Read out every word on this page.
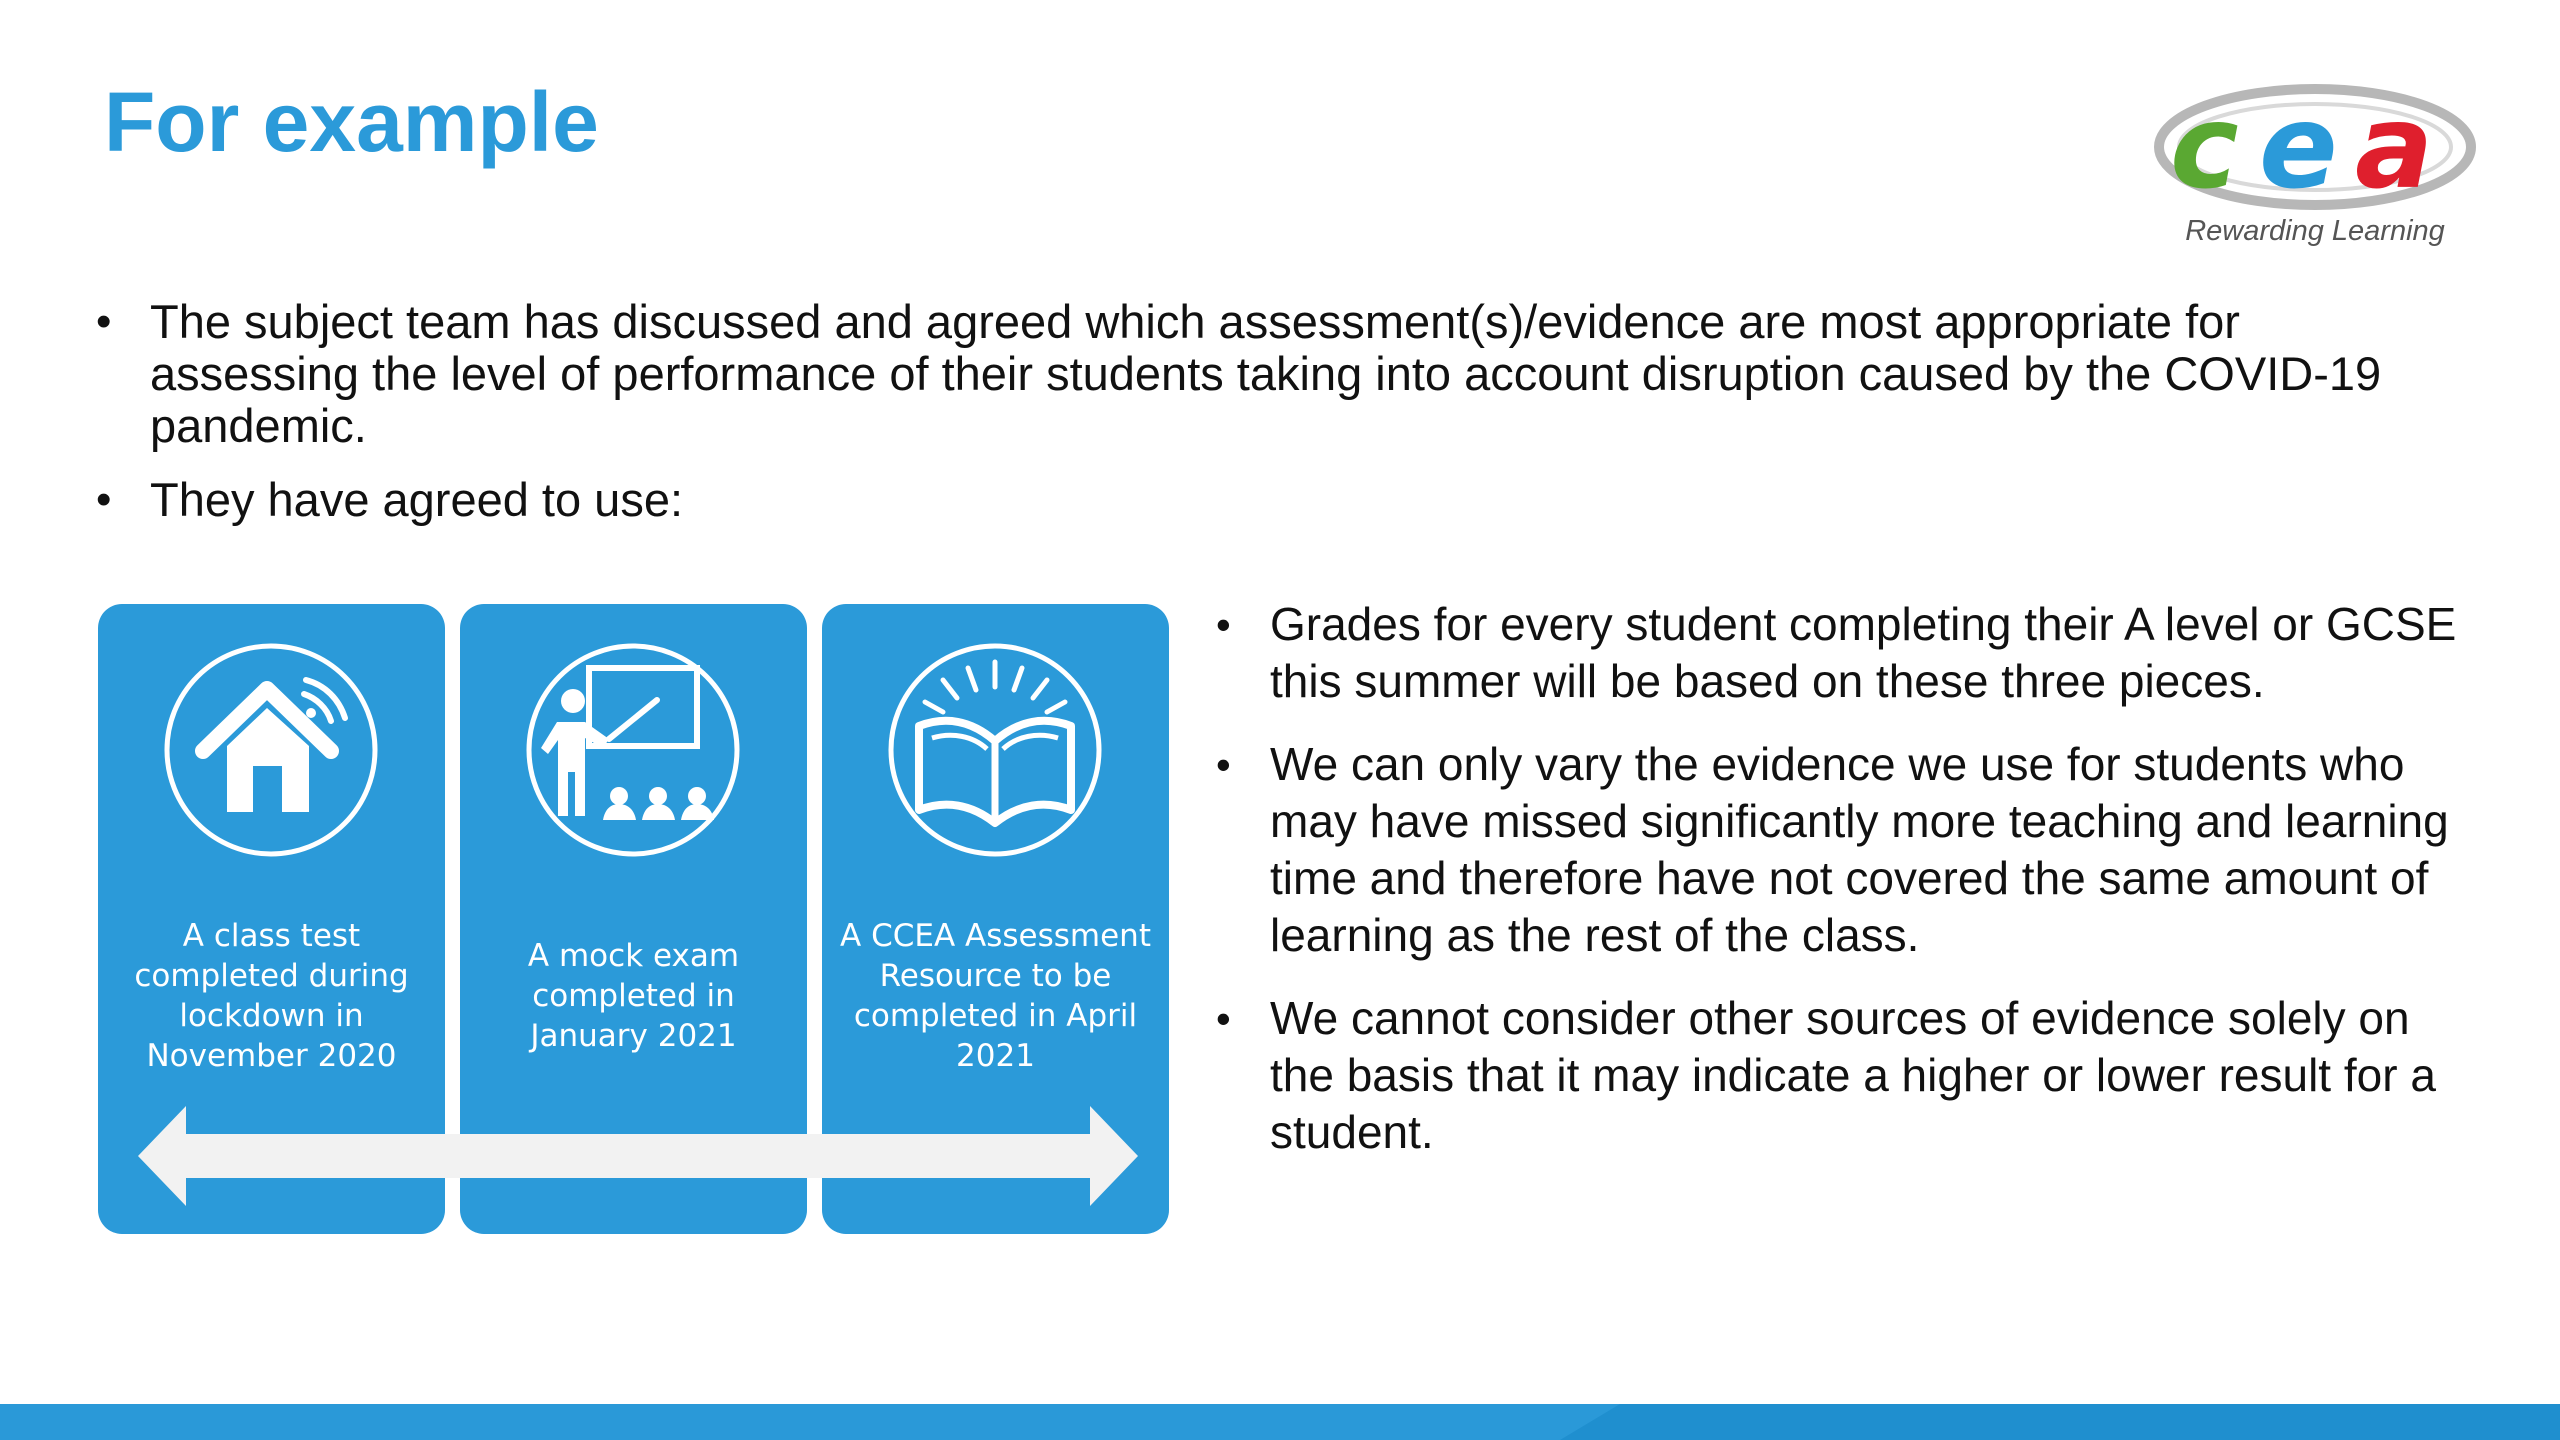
For example	c e a
Rewarding Learning
• The subject team has discussed and agreed which assessment(s)/evidence are most appropriate for assessing the level of performance of their students taking into account disruption caused by the COVID-19 pandemic.
• They have agreed to use:
A class test completed during lockdown in November 2020
A mock exam completed in January 2021
A CCEA Assessment Resource to be completed in April 2021
• Grades for every student completing their A level or GCSE this summer will be based on these three pieces.
• We can only vary the evidence we use for students who may have missed significantly more teaching and learning time and therefore have not covered the same amount of learning as the rest of the class.
• We cannot consider other sources of evidence solely on the basis that it may indicate a higher or lower result for a student.
